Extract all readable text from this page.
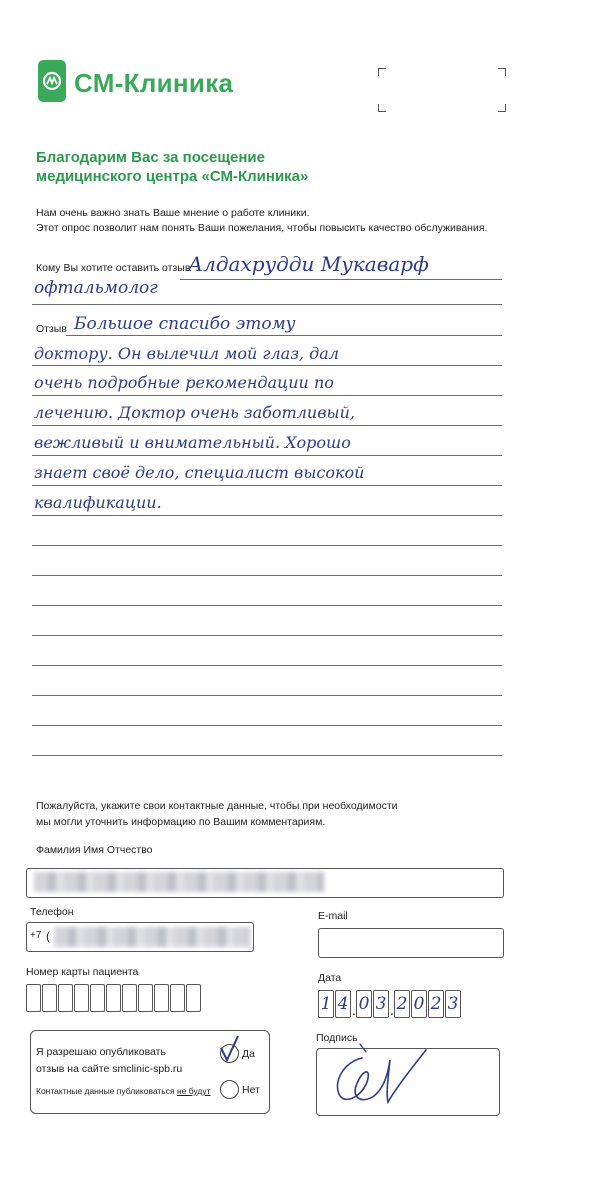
СМ-Клиника
Благодарим Вас за посещение
медицинского центра «СМ-Клиника»
Нам очень важно знать Ваше мнение о работе клиники.
Этот опрос позволит нам понять Ваши пожелания, чтобы повысить качество обслуживания.
Кому Вы хотите оставить отзыв
Алдахрудди Мукаварф
офтальмолог
Отзыв Большое спасибо этому
доктору. Он вылечил мой глаз, дал
очень подробные рекомендации по
лечению. Доктор очень заботливый,
вежливый и внимательный. Хорошо
знает своё дело, специалист высокой
квалификации.
Пожалуйста, укажите свои контактные данные, чтобы при необходимости
мы могли уточнить информацию по Вашим комментариям.
Фамилия Имя Отчество
Телефон
+7 (
E-mail
Номер карты пациента	Дата
1 4 . 0 3 . 2 0 2 3
Я разрешаю опубликовать
отзыв на сайте smclinic-spb.ru
Контактные данные публиковаться не будут
Да
Нет
Подпись
